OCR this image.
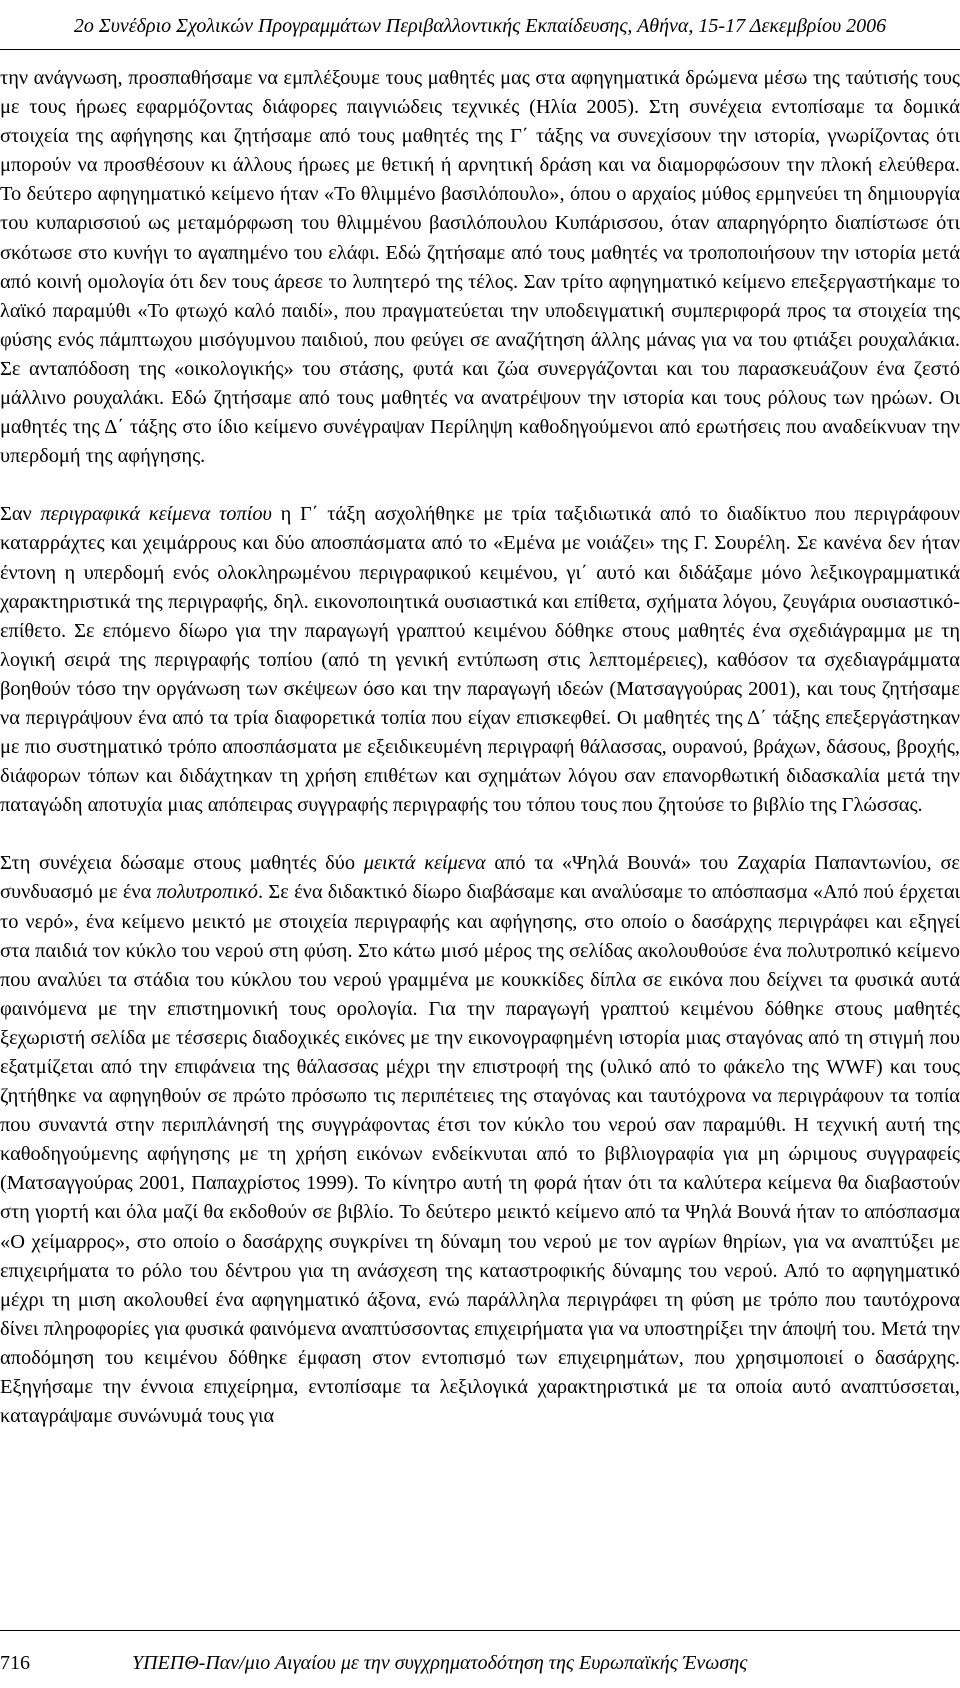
2ο Συνέδριο Σχολικών Προγραμμάτων Περιβαλλοντικής Εκπαίδευσης, Αθήνα, 15-17 Δεκεμβρίου 2006

την ανάγνωση, προσπαθήσαμε να εμπλέξουμε τους μαθητές μας στα αφηγηματικά δρώμενα μέσω της ταύτισής τους με τους ήρωες εφαρμόζοντας διάφορες παιγνιώδεις τεχνικές (Ηλία 2005). Στη συνέχεια εντοπίσαμε τα δομικά στοιχεία της αφήγησης και ζητήσαμε από τους μαθητές της Γ΄ τάξης να συνεχίσουν την ιστορία, γνωρίζοντας ότι μπορούν να προσθέσουν κι άλλους ήρωες με θετική ή αρνητική δράση και να διαμορφώσουν την πλοκή ελεύθερα. Το δεύτερο αφηγηματικό κείμενο ήταν «Το θλιμμένο βασιλόπουλο», όπου ο αρχαίος μύθος ερμηνεύει τη δημιουργία του κυπαρισσιού ως μεταμόρφωση του θλιμμένου βασιλόπουλου Κυπάρισσου, όταν απαρηγόρητο διαπίστωσε ότι σκότωσε στο κυνήγι το αγαπημένο του ελάφι. Εδώ ζητήσαμε από τους μαθητές να τροποποιήσουν την ιστορία μετά από κοινή ομολογία ότι δεν τους άρεσε το λυπητερό της τέλος. Σαν τρίτο αφηγηματικό κείμενο επεξεργαστήκαμε το λαϊκό παραμύθι «Το φτωχό καλό παιδί», που πραγματεύεται την υποδειγματική συμπεριφορά προς τα στοιχεία της φύσης ενός πάμπτωχου μισόγυμνου παιδιού, που φεύγει σε αναζήτηση άλλης μάνας για να του φτιάξει ρουχαλάκια. Σε ανταπόδοση της «οικολογικής» του στάσης, φυτά και ζώα συνεργάζονται και του παρασκευάζουν ένα ζεστό μάλλινο ρουχαλάκι. Εδώ ζητήσαμε από τους μαθητές να ανατρέψουν την ιστορία και τους ρόλους των ηρώων. Οι μαθητές της Δ΄ τάξης στο ίδιο κείμενο συνέγραψαν Περίληψη καθοδηγούμενοι από ερωτήσεις που αναδείκνυαν την υπερδομή της αφήγησης.

Σαν περιγραφικά κείμενα τοπίου η Γ΄ τάξη ασχολήθηκε με τρία ταξιδιωτικά από το διαδίκτυο που περιγράφουν καταρράχτες και χειμάρρους και δύο αποσπάσματα από το «Εμένα με νοιάζει» της Γ. Σουρέλη. Σε κανένα δεν ήταν έντονη η υπερδομή ενός ολοκληρωμένου περιγραφικού κειμένου, γι΄ αυτό και διδάξαμε μόνο λεξικογραμματικά χαρακτηριστικά της περιγραφής, δηλ. εικονοποιητικά ουσιαστικά και επίθετα, σχήματα λόγου, ζευγάρια ουσιαστικό-επίθετο. Σε επόμενο δίωρο για την παραγωγή γραπτού κειμένου δόθηκε στους μαθητές ένα σχεδιάγραμμα με τη λογική σειρά της περιγραφής τοπίου (από τη γενική εντύπωση στις λεπτομέρειες), καθόσον τα σχεδιαγράμματα βοηθούν τόσο την οργάνωση των σκέψεων όσο και την παραγωγή ιδεών (Ματσαγγούρας 2001), και τους ζητήσαμε να περιγράψουν ένα από τα τρία διαφορετικά τοπία που είχαν επισκεφθεί. Οι μαθητές της Δ΄ τάξης επεξεργάστηκαν με πιο συστηματικό τρόπο αποσπάσματα με εξειδικευμένη περιγραφή θάλασσας, ουρανού, βράχων, δάσους, βροχής, διάφορων τόπων και διδάχτηκαν τη χρήση επιθέτων και σχημάτων λόγου σαν επανορθωτική διδασκαλία μετά την παταγώδη αποτυχία μιας απόπειρας συγγραφής περιγραφής του τόπου τους που ζητούσε το βιβλίο της Γλώσσας.

Στη συνέχεια δώσαμε στους μαθητές δύο μεικτά κείμενα από τα «Ψηλά Βουνά» του Ζαχαρία Παπαντωνίου, σε συνδυασμό με ένα πολυτροπικό. Σε ένα διδακτικό δίωρο διαβάσαμε και αναλύσαμε το απόσπασμα «Από πού έρχεται το νερό», ένα κείμενο μεικτό με στοιχεία περιγραφής και αφήγησης, στο οποίο ο δασάρχης περιγράφει και εξηγεί στα παιδιά τον κύκλο του νερού στη φύση. Στο κάτω μισό μέρος της σελίδας ακολουθούσε ένα πολυτροπικό κείμενο που αναλύει τα στάδια του κύκλου του νερού γραμμένα με κουκκίδες δίπλα σε εικόνα που δείχνει τα φυσικά αυτά φαινόμενα με την επιστημονική τους ορολογία. Για την παραγωγή γραπτού κειμένου δόθηκε στους μαθητές ξεχωριστή σελίδα με τέσσερις διαδοχικές εικόνες με την εικονογραφημένη ιστορία μιας σταγόνας από τη στιγμή που εξατμίζεται από την επιφάνεια της θάλασσας μέχρι την επιστροφή της (υλικό από το φάκελο της WWF) και τους ζητήθηκε να αφηγηθούν σε πρώτο πρόσωπο τις περιπέτειες της σταγόνας και ταυτόχρονα να περιγράφουν τα τοπία που συναντά στην περιπλάνησή της συγγράφοντας έτσι τον κύκλο του νερού σαν παραμύθι. Η τεχνική αυτή της καθοδηγούμενης αφήγησης με τη χρήση εικόνων ενδείκνυται από το βιβλιογραφία για μη ώριμους συγγραφείς (Ματσαγγούρας 2001, Παπαχρίστος 1999). Το κίνητρο αυτή τη φορά ήταν ότι τα καλύτερα κείμενα θα διαβαστούν στη γιορτή και όλα μαζί θα εκδοθούν σε βιβλίο. Το δεύτερο μεικτό κείμενο από τα Ψηλά Βουνά ήταν το απόσπασμα «Ο χείμαρρος», στο οποίο ο δασάρχης συγκρίνει τη δύναμη του νερού με τον αγρίων θηρίων, για να αναπτύξει με επιχειρήματα το ρόλο του δέντρου για τη ανάσχεση της καταστροφικής δύναμης του νερού. Από το αφηγηματικό μέχρι τη μιση ακολουθεί ένα αφηγηματικό άξονα, ενώ παράλληλα περιγράφει τη φύση με τρόπο που ταυτόχρονα δίνει πληροφορίες για φυσικά φαινόμενα αναπτύσσοντας επιχειρήματα για να υποστηρίξει την άποψή του. Μετά την αποδόμηση του κειμένου δόθηκε έμφαση στον εντοπισμό των επιχειρημάτων, που χρησιμοποιεί ο δασάρχης. Εξηγήσαμε την έννοια επιχείρημα, εντοπίσαμε τα λεξιλογικά χαρακτηριστικά με τα οποία αυτό αναπτύσσεται, καταγράψαμε συνώνυμά τους για

716	ΥΠΕΠΘ-Παν/μιο Αιγαίου με την συγχρηματοδότηση της Ευρωπαϊκής Ένωσης
